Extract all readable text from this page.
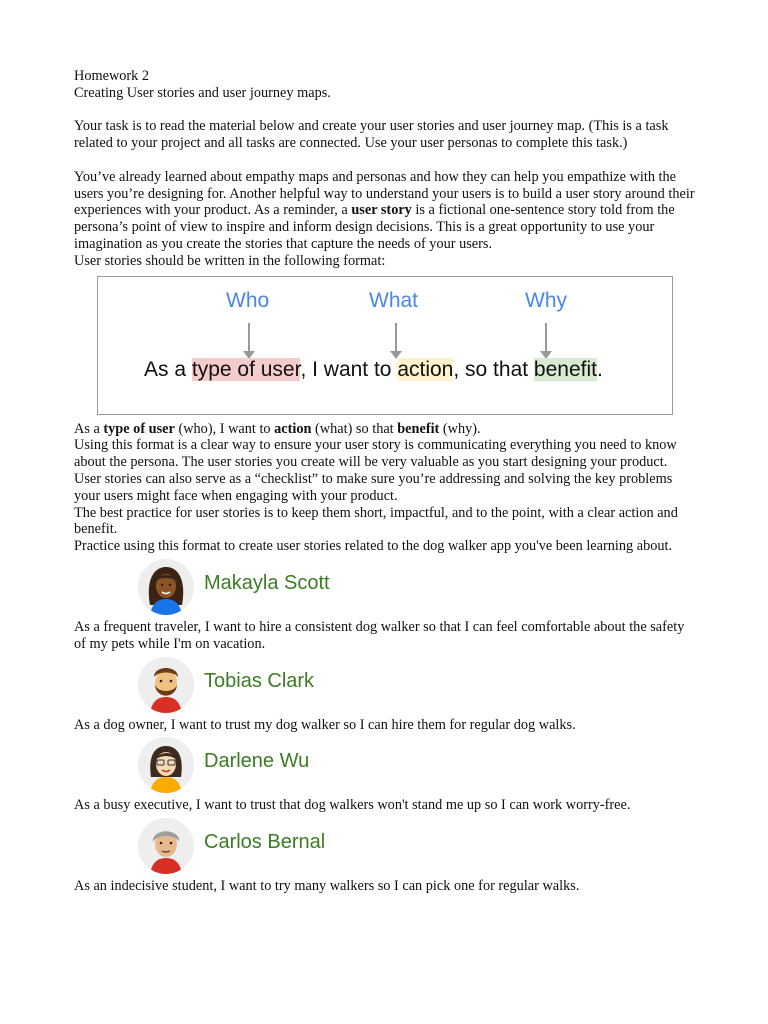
Homework 2

Creating User stories and user journey maps.

Your task is to read the material below and create your user stories and user journey map. (This is a task related to your project and all tasks are connected. Use your user personas to complete this task.)

You’ve already learned about empathy maps and personas and how they can help you empathize with the users you’re designing for. Another helpful way to understand your users is to build a user story around their experiences with your product. As a reminder, a user story is a fictional one-sentence story told from the persona’s point of view to inspire and inform design decisions. This is a great opportunity to use your imagination as you create the stories that capture the needs of your users.

User stories should be written in the following format:

Who	What	Why
As a type of user, I want to action, so that benefit.

As a type of user (who), I want to action (what) so that benefit (why).

Using this format is a clear way to ensure your user story is communicating everything you need to know about the persona. The user stories you create will be very valuable as you start designing your product. User stories can also serve as a “checklist” to make sure you’re addressing and solving the key problems your users might face when engaging with your product.

The best practice for user stories is to keep them short, impactful, and to the point, with a clear action and benefit.

Practice using this format to create user stories related to the dog walker app you've been learning about.

Makayla Scott

As a frequent traveler, I want to hire a consistent dog walker so that I can feel comfortable about the safety of my pets while I'm on vacation.

Tobias Clark

As a dog owner, I want to trust my dog walker so I can hire them for regular dog walks.

Darlene Wu

As a busy executive, I want to trust that dog walkers won't stand me up so I can work worry-free.

Carlos Bernal

As an indecisive student, I want to try many walkers so I can pick one for regular walks.
